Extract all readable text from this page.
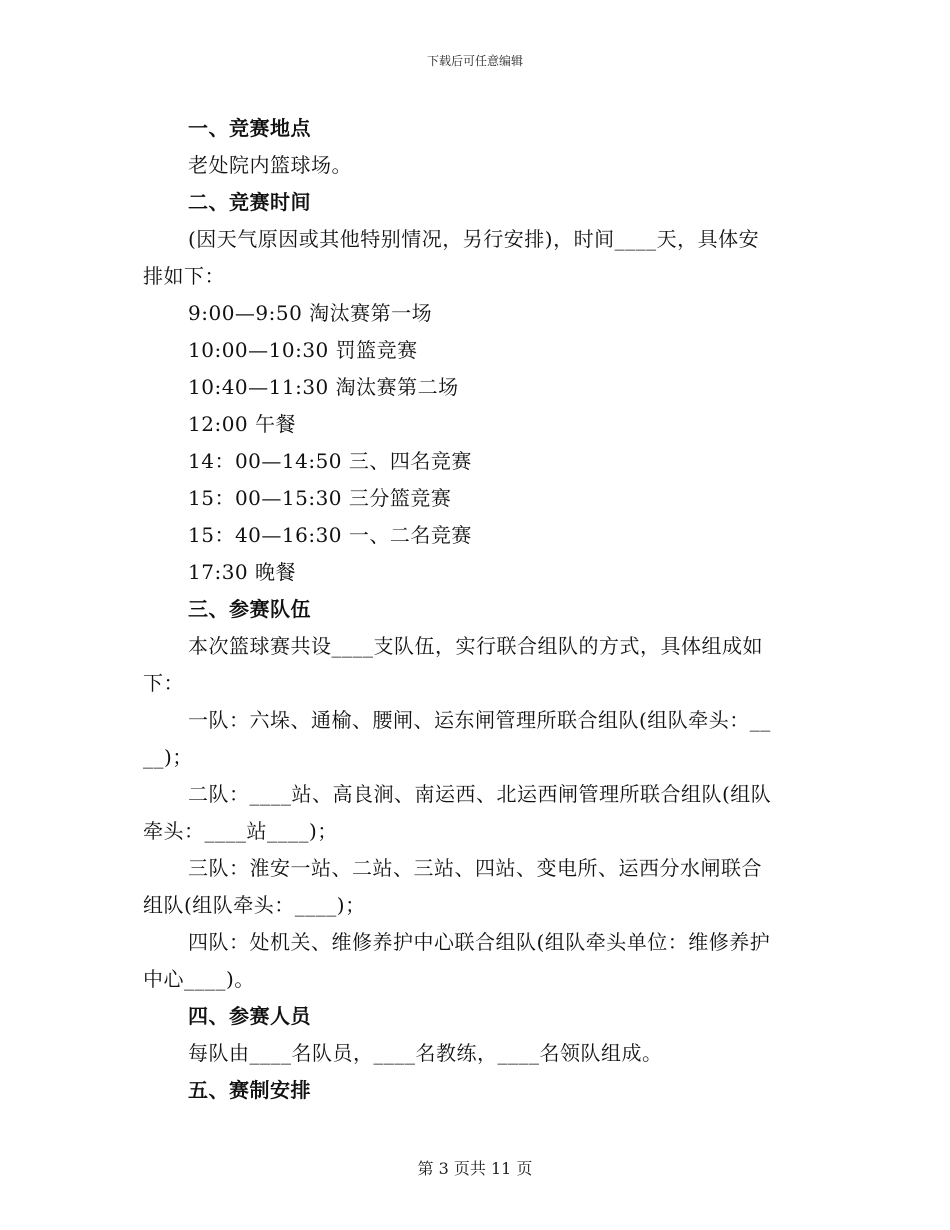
下载后可任意编辑
一、竞赛地点
老处院内篮球场。
二、竞赛时间
(因天气原因或其他特别情况，另行安排)，时间____天，具体安
排如下：
9:00—9:50 淘汰赛第一场
10:00—10:30 罚篮竞赛
10:40—11:30 淘汰赛第二场
12:00 午餐
14：00—14:50 三、四名竞赛
15：00—15:30 三分篮竞赛
15：40—16:30 一、二名竞赛
17:30 晚餐
三、参赛队伍
本次篮球赛共设____支队伍，实行联合组队的方式，具体组成如
下：
一队：六垛、通榆、腰闸、运东闸管理所联合组队(组队牵头：__
__)；
二队：____站、高良涧、南运西、北运西闸管理所联合组队(组队
牵头：____站____)；
三队：淮安一站、二站、三站、四站、变电所、运西分水闸联合
组队(组队牵头：____)；
四队：处机关、维修养护中心联合组队(组队牵头单位：维修养护
中心____)。
四、参赛人员
每队由____名队员，____名教练，____名领队组成。
五、赛制安排
第 3 页共 11 页
